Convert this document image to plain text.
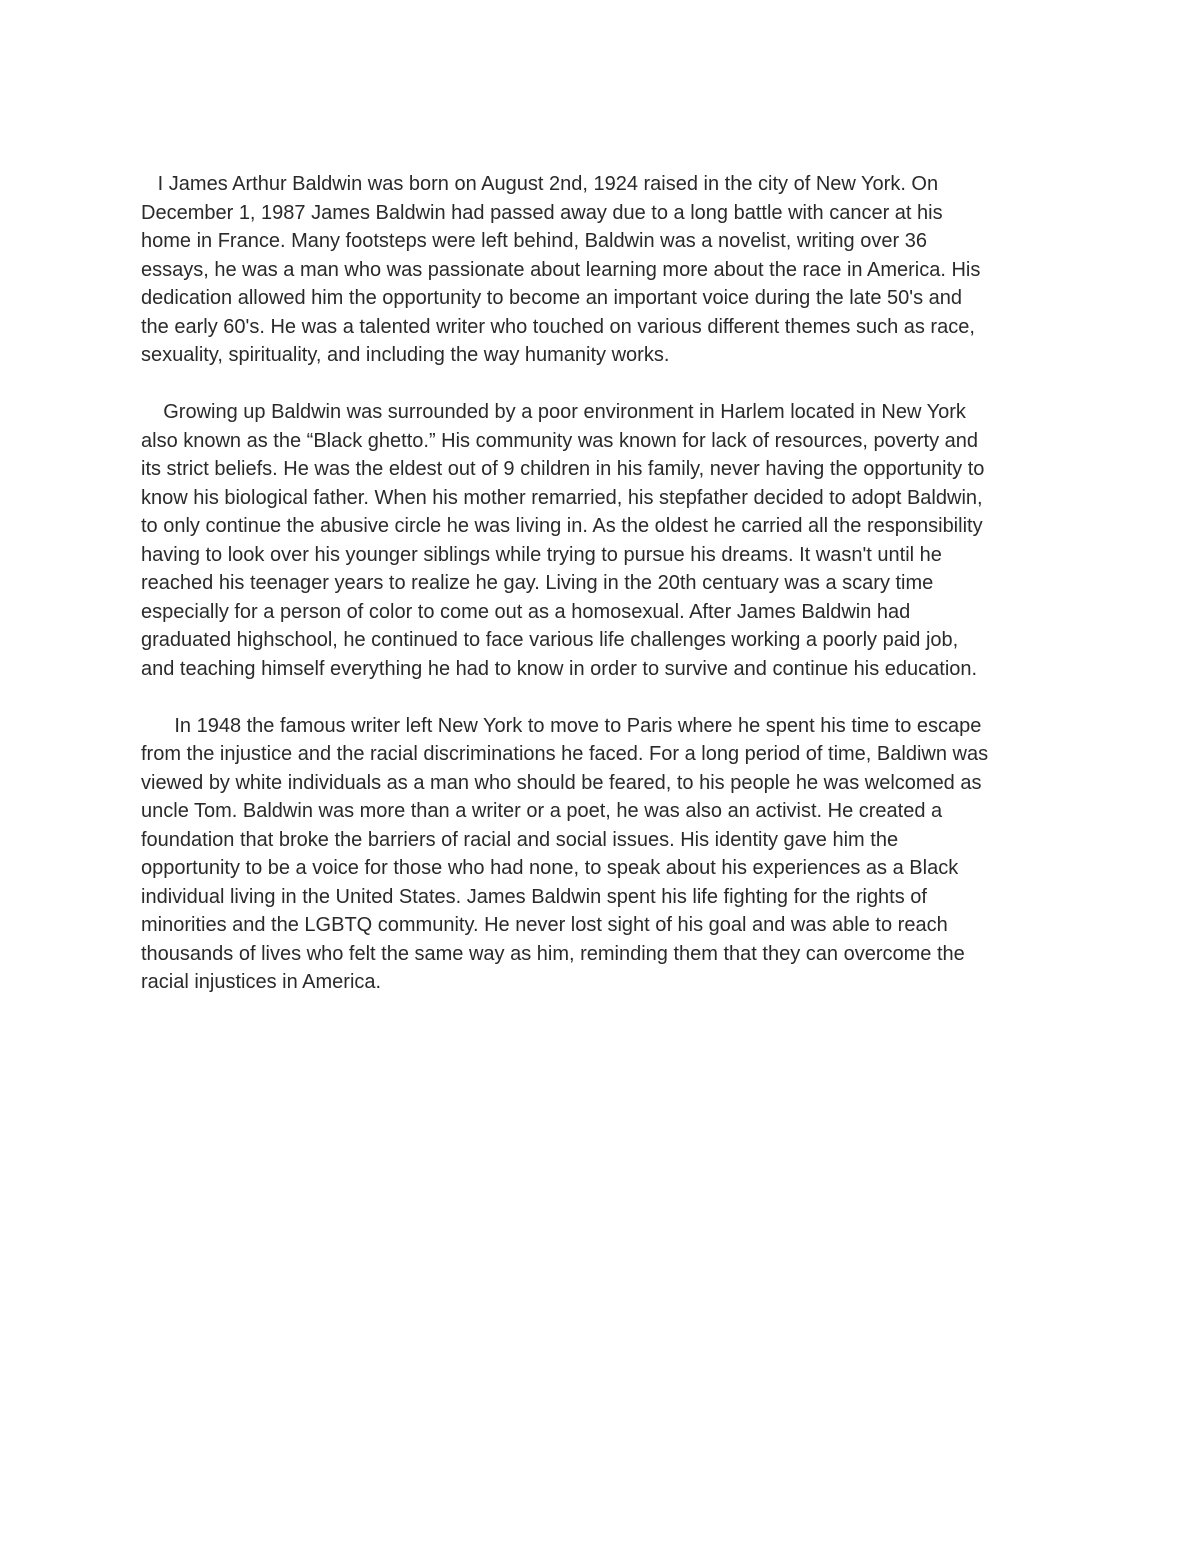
I James Arthur Baldwin was born on August 2nd, 1924 raised in the city of New York. On
December 1, 1987 James Baldwin had passed away due to a long battle with cancer at his
home in France. Many footsteps were left behind, Baldwin was a novelist, writing over 36
essays, he was a man who was passionate about learning more about the race in America. His
dedication allowed him the opportunity to become an important voice during the late 50's and
the early 60's. He was a talented writer who touched on various different themes such as race,
sexuality, spirituality, and including the way humanity works.

Growing up Baldwin was surrounded by a poor environment in Harlem located in New York
also known as the “Black ghetto.” His community was known for lack of resources, poverty and
its strict beliefs. He was the eldest out of 9 children in his family, never having the opportunity to
know his biological father. When his mother remarried, his stepfather decided to adopt Baldwin,
to only continue the abusive circle he was living in. As the oldest he carried all the responsibility
having to look over his younger siblings while trying to pursue his dreams. It wasn't until he
reached his teenager years to realize he gay. Living in the 20th centuary was a scary time
especially for a person of color to come out as a homosexual. After James Baldwin had
graduated highschool, he continued to face various life challenges working a poorly paid job,
and teaching himself everything he had to know in order to survive and continue his education.

In 1948 the famous writer left New York to move to Paris where he spent his time to escape
from the injustice and the racial discriminations he faced. For a long period of time, Baldiwn was
viewed by white individuals as a man who should be feared, to his people he was welcomed as
uncle Tom. Baldwin was more than a writer or a poet, he was also an activist. He created a
foundation that broke the barriers of racial and social issues. His identity gave him the
opportunity to be a voice for those who had none, to speak about his experiences as a Black
individual living in the United States. James Baldwin spent his life fighting for the rights of
minorities and the LGBTQ community. He never lost sight of his goal and was able to reach
thousands of lives who felt the same way as him, reminding them that they can overcome the
racial injustices in America.
